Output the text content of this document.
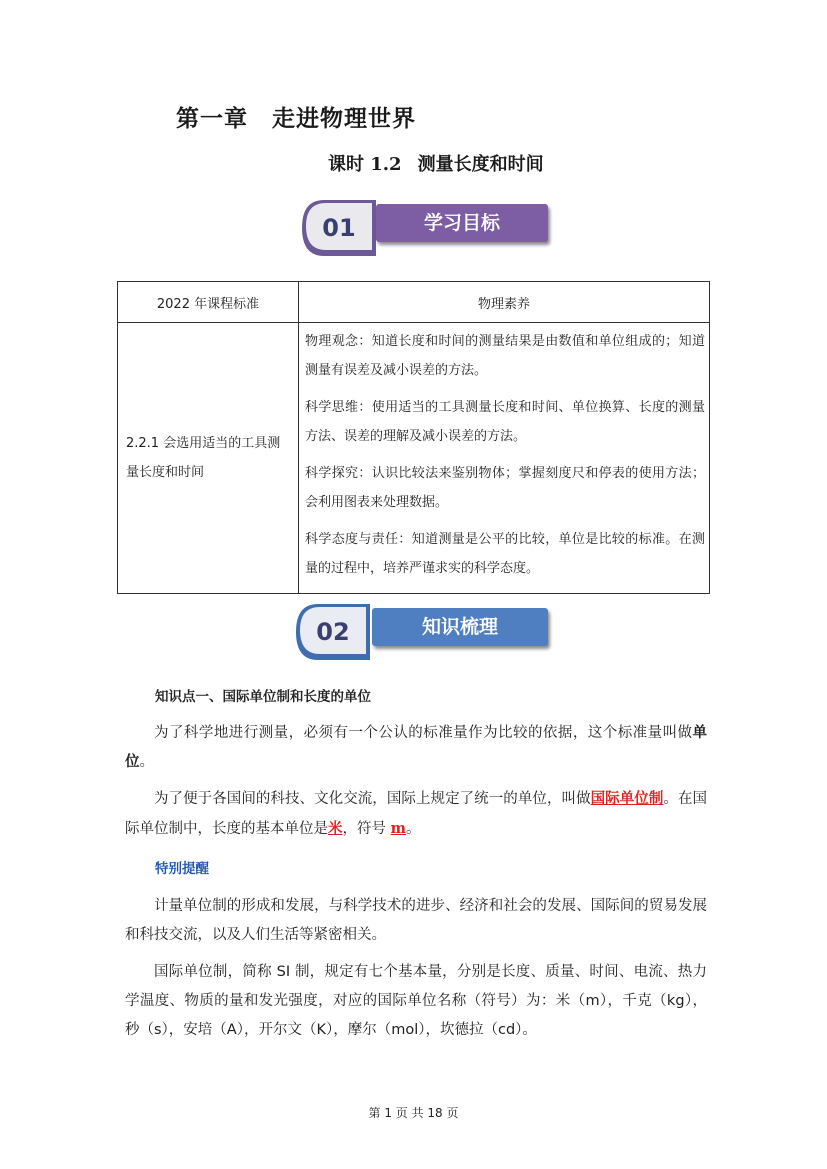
第一章 走进物理世界
课时 1.2 测量长度和时间
01	学习目标
2022 年课程标准	物理素养
2.2.1 会选用适当的工具测量长度和时间	物理观念：知道长度和时间的测量结果是由数值和单位组成的；知道测量有误差及减小误差的方法。
科学思维：使用适当的工具测量长度和时间、单位换算、长度的测量方法、误差的理解及减小误差的方法。
科学探究：认识比较法来鉴别物体；掌握刻度尺和停表的使用方法；会利用图表来处理数据。
科学态度与责任：知道测量是公平的比较，单位是比较的标准。在测量的过程中，培养严谨求实的科学态度。
02	知识梳理
知识点一、国际单位制和长度的单位
为了科学地进行测量，必须有一个公认的标准量作为比较的依据，这个标准量叫做单位。
为了便于各国间的科技、文化交流，国际上规定了统一的单位，叫做国际单位制。在国际单位制中，长度的基本单位是米，符号 m。
特别提醒
计量单位制的形成和发展，与科学技术的进步、经济和社会的发展、国际间的贸易发展和科技交流，以及人们生活等紧密相关。
国际单位制，简称 SI 制，规定有七个基本量，分别是长度、质量、时间、电流、热力学温度、物质的量和发光强度，对应的国际单位名称（符号）为：米（m），千克（kg），秒（s），安培（A），开尔文（K），摩尔（mol），坎德拉（cd）。
第 1 页 共 18 页
